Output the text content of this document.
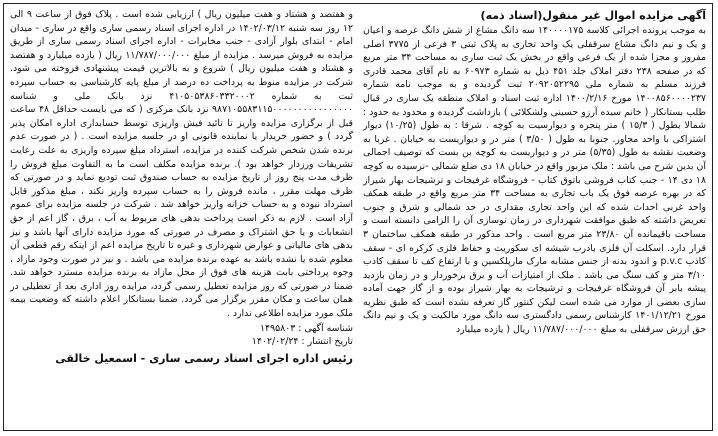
آگهی مزایده اموال غیر منقول(اسناد ذمه)

به موجب پرونده اجرائی کلاسه ۱۴۰۰۰۰۱۷۵ سه دانگ مشاع از شش دانگ عرصه و اعیان و یک و نیم دانگ مشاع سرقفلی یک واحد تجاری به پلاک ثبتی ۳ فرعی از ۳۷۷۵ اصلی مفروز و مجزا شده از یک فرعی واقع در بخش یک ثبت ساری به مساحت ۳۴ متر مربع که در صفحه ۲۳۸ دفتر املاک جلد ۴۵۱ ذیل به شماره ۶۰۹۷۳ به نام آقای محمد قادری فرزند مسلم به شماره ملی ۲۰۹۲۰۵۲۲۹۵ ثبت گردیده و به موجب نامه شماره ۱۴۰۰۸۵۶۰۰۰۰۲۳۷ مورخ ۱۴۰۰/۲/۱۶ اداره ثبت اسناد و املاک منطقه یک ساری در قبال طلب بستانکار ( خانم سیده آرزو حسینی ولشکلائی ) بازداشت گردیده و محدود به حدود : شمالا بطول ( ۱۵/۳ ) متر پنجره و دیوارسیت به کوچه . شرقا : به طول (۱۰/۲۵) دیوار اشتراکی با واحد مجاور. جنوبا به طول ( ۳/۵۰ ) متر در و دیواریست به خیابان . غربا به وضعیت نقشه به طول (۵/۳۵) متر در و دیواریست به کوچه بن بست که توصیف اجمالی آن بدین شرح می باشد : ملک مزبور واقع در خیابان ۱۸ دی ضلع شمالی -نرسیده به کوچه ۱۸ دی ۱۴ - جنب کتاب فروشی باتوق کتاب - فروشگاه غرفیجات و ترشیجات بهار شیراز که در بهره عرصه فوق یک باب تجاری به مساحت ۳۴ متر مربع واقع در طبقه همکف واحد غربی احداث شده که این واحد تجاری مقداری در حد شمالی و شرق و جنوب تعریض داشته که طبق موافقت شهرداری در زمان نوسازی آن را الزامی دانسته است و مساحت باقیمانده آن ۲۳/۸۰ متر مربع است . واحد مذکور در طبقه همکف ساختمان ۳ قرار دارد. اسکلت آن فلزی بادرب شیشه ای سکوریت و حفاظ فلزی کرکره ای - سقف کاذب p.v.c و اندود بدنه از جنس مشابه مارک مارپلکسین و با ارتفاع کف تا سقف کاذب ۳/۱۰ متر و کف سنگ می باشد . ملک از امتیازات آب و برق برخوردار و در زمان بازدید پیشه بابر آن فروشگاه غرفیجات و ترشیجات به بهار شیراز بوده و از گاز جهت آماده سازی بعضی از موارد می شده است لیکن کنتور گاز تعرفه نشده است که طبق نظریه مورخ ۱۴۰۱/۱۲/۲۱ کارشناس رسمی دادگستری سه دانگ مورد مالکیت و یک و نیم دانگ حق ارزش سرقفلی به مبلغ ۱۱/۷۸۷/۰۰۰/۰۰۰ ریال ( یازده میلیارد

و هفتصد و هشتاد و هفت میلیون ریال ) ارزیابی شده است . پلاک فوق از ساعت ۹ الی ۱۲ روز سه شنبه ۱۴۰۲/۰۳/۱۲ در اداره اجرای اسناد رسمی ساری واقع در ساری - میدان امام - ابتدای بلوار آزادی - جنب مخابرات - اداره اجرای اسناد رسمی ساری از طریق مزایده به فروش میرسد . مزایده از مبلغ ۱۱/۷۸۷/۰۰۰/۰۰۰ ریال ( یازده میلیارد و هفتصد و هشتاد و هفت میلیون ریال ) شروع و به بالاترین قیمت پیشنهادی فروخته می شود. شرکت در مزایده منوط به پرداخت ده درصد از مبلغ پایه کارشناسی به حساب سپرده ثبت به شماره ۴۱۰۵۰۵۳۸۶۰۳۳۲۰۰۰۲ نزد بانک ملی و شناسه ۹۸۷۱۰۵۵۸۳۱۱۵۰۰۰۰۰۰۰۰۰۰۰۰۰۰۰۰ نزد بانک مرکزی ( که می بایست حداقل ۴۸ ساعت قبل از برگزاری مزایده واریز تا تائید فیش واریزی توسط حسابداری اداره امکان پذیر گردد ) و حضور خریدار یا نماینده قانونی او در جلسه مزایده است . ( در صورت عدم برنده شدن شخص شرکت کننده در مزایده، استرداد مبلغ سپرده واریزی به علت رعایت تشریفات ورزدار خواهد بود ). برنده مزایده مکلف است ما به التفاوت مبلغ فروش را ظرف مدت پنج روز از تاریخ مزایده به حساب صندوق ثبت تودیع نماید و در صورتی که ظرف مهلت مقرر ، مانده فروش را به حساب سپرده واریز نکند ، مبلغ مذکور قابل استرداد نبوده و به حساب خزانه واریز خواهد شد . شرکت در جلسه مزایده برای عموم آزاد است . لازم به ذکر است پرداخت بدهی های مربوط به آب ، برق ، گاز اعم از حق انشعابات و یا حق اشتراک و مصرف در صورتی که مورد مزایده دارای آنها باشد و نیز بدهی های مالیاتی و عوارض شهرداری و غیره تا تاریخ مزایده اعم از اینکه رقم قطعی آن معلوم شده یا نشده باشد به عهده برنده مزایده می باشد . و نیز در صورت وجود مازاد ، وجوه پرداختی بابت هزینه های فوق از محل مازاد به برنده مزایده مسترد خواهد شد. ضمنا در صورتی که روز مزایده تعطیل رسمی گردد، مزایده روز اداری بعد از تعطیلی در همان ساعت و مکان مقرر برگزار می گردد. ضمنا بستانکار اعلام داشته که وضعیت بیمه ملک مورد مزایده اطلاعی ندارد .

شناسه آگهی : ۱۴۹۵۸۰۳
تاریخ انتشار : ۱۴۰۲/۰۲/۲۴
رئیس اداره اجرای اسناد رسمی ساری - اسمعیل خالقی
